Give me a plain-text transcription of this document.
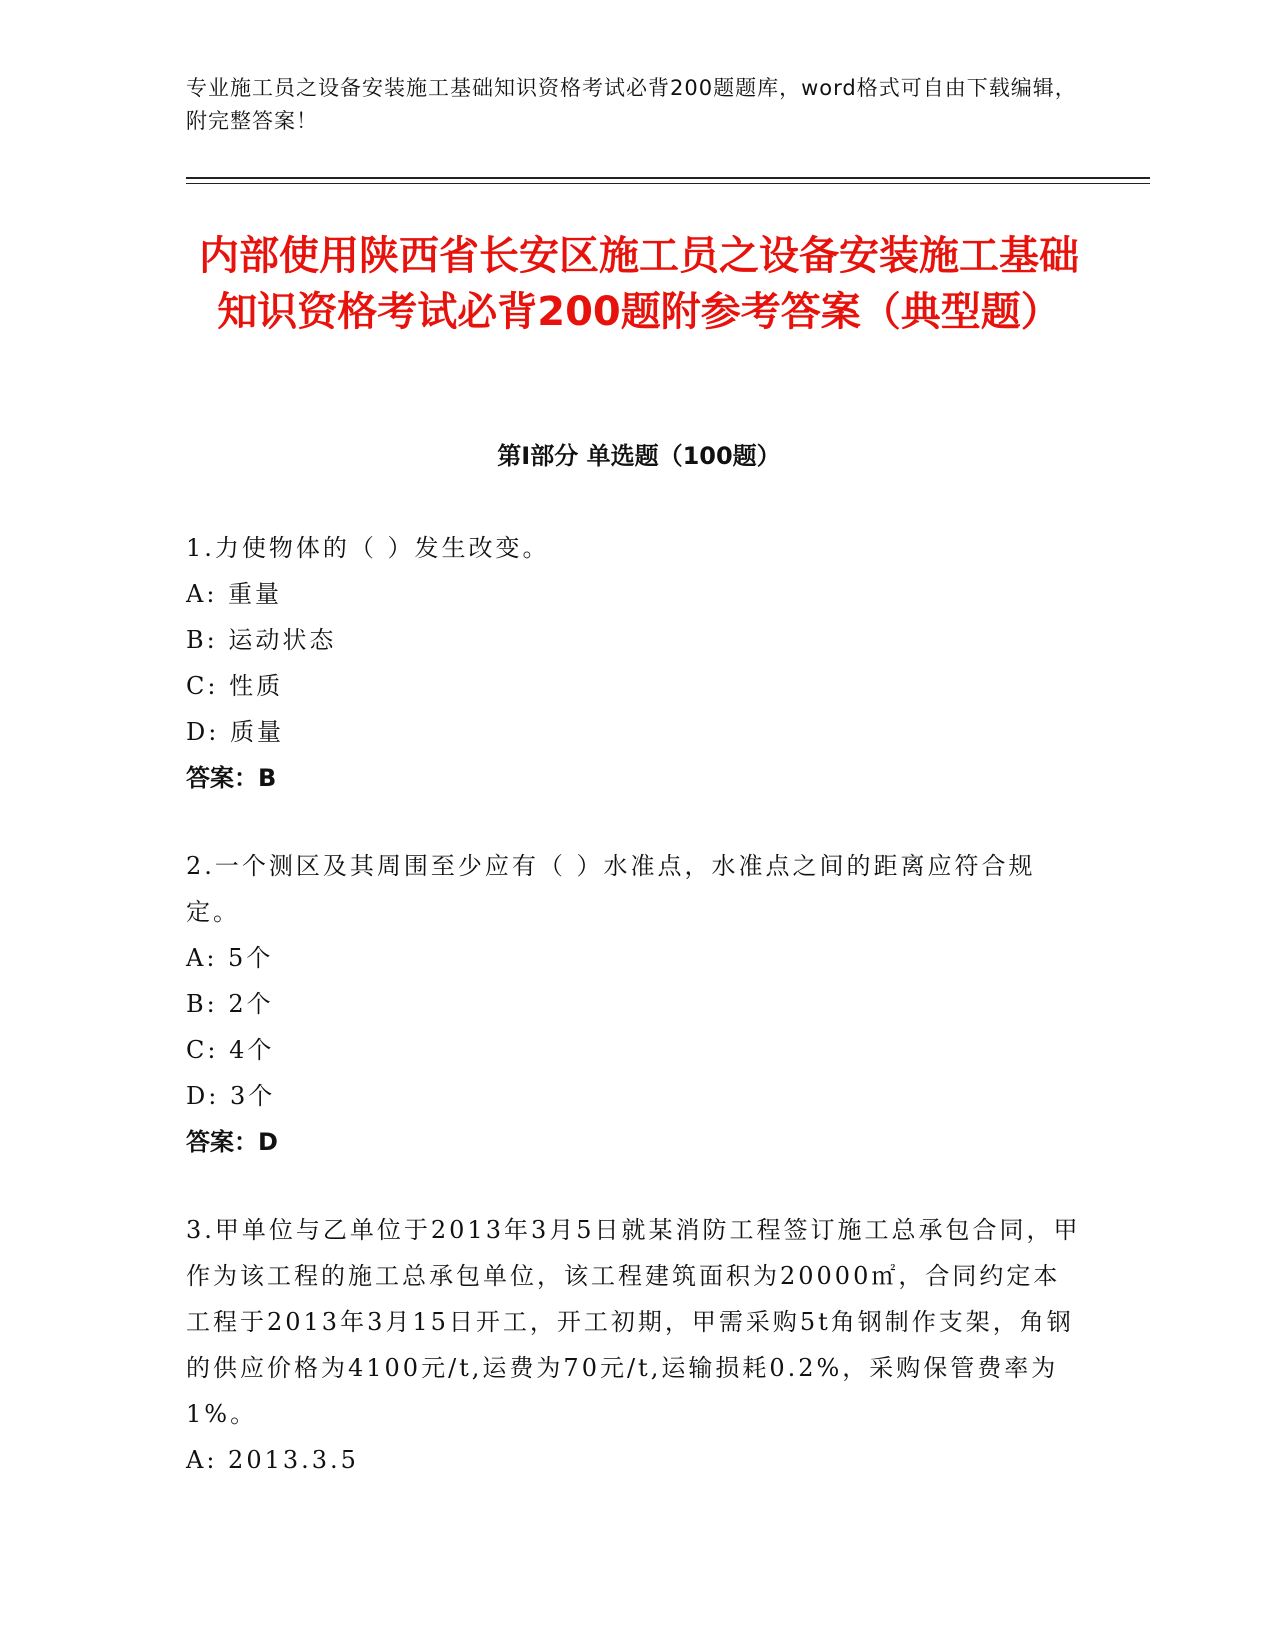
专业施工员之设备安装施工基础知识资格考试必背200题题库，word格式可自由下载编辑，附完整答案！
内部使用陕西省长安区施工员之设备安装施工基础知识资格考试必背200题附参考答案（典型题）
第I部分 单选题（100题）
1.力使物体的（ ）发生改变。
A: 重量
B: 运动状态
C: 性质
D: 质量
答案：B
2.一个测区及其周围至少应有（ ）水准点，水准点之间的距离应符合规定。
A: 5个
B: 2个
C: 4个
D: 3个
答案：D
3.甲单位与乙单位于2013年3月5日就某消防工程签订施工总承包合同，甲作为该工程的施工总承包单位，该工程建筑面积为20000㎡，合同约定本工程于2013年3月15日开工，开工初期，甲需采购5t角钢制作支架，角钢的供应价格为4100元/t,运费为70元/t,运输损耗0.2%，采购保管费率为1%。
A: 2013.3.5
